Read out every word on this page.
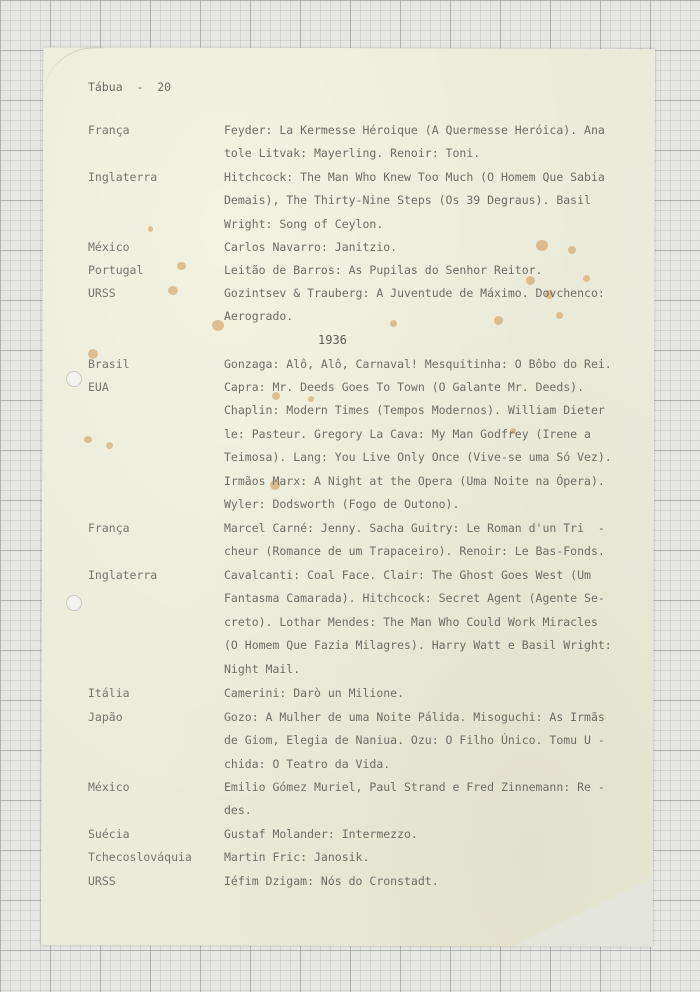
Tábua  -  20
França	Feyder: La Kermesse Héroique (A Quermesse Heróica). Ana
tole Litvak: Mayerling. Renoir: Toni.
Inglaterra	Hitchcock: The Man Who Knew Too Much (O Homem Que Sabia
Demais), The Thirty-Nine Steps (Os 39 Degraus). Basil
Wright: Song of Ceylon.
México	Carlos Navarro: Janitzio.
Portugal	Leitão de Barros: As Pupilas do Senhor Reitor.
URSS	Gozintsev & Trauberg: A Juventude de Máximo. Dovchenco:
Aerogrado.
Brasil	Gonzaga: Alô, Alô, Carnaval! Mesquitinha: O Bôbo do Rei.
EUA	Capra: Mr. Deeds Goes To Town (O Galante Mr. Deeds).
Chaplin: Modern Times (Tempos Modernos). William Dieter
le: Pasteur. Gregory La Cava: My Man Godfrey (Irene a
Teimosa). Lang: You Live Only Once (Vive-se uma Só Vez).
Irmãos Marx: A Night at the Opera (Uma Noite na Ópera).
Wyler: Dodsworth (Fogo de Outono).
França	Marcel Carné: Jenny. Sacha Guitry: Le Roman d'un Tri  -
cheur (Romance de um Trapaceiro). Renoir: Le Bas-Fonds.
Inglaterra	Cavalcanti: Coal Face. Clair: The Ghost Goes West (Um
Fantasma Camarada). Hitchcock: Secret Agent (Agente Se-
creto). Lothar Mendes: The Man Who Could Work Miracles
(O Homem Que Fazia Milagres). Harry Watt e Basil Wright:
Night Mail.
Itália	Camerini: Darò un Milione.
Japão	Gozo: A Mulher de uma Noite Pálida. Misoguchi: As Irmãs
de Giom, Elegia de Naniua. Ozu: O Filho Único. Tomu U -
chida: O Teatro da Vida.
México	Emilio Gómez Muriel, Paul Strand e Fred Zinnemann: Re -
des.
Suécia	Gustaf Molander: Intermezzo.
Tchecoslováquia	Martin Fric: Janosik.
URSS	Iéfim Dzigam: Nós do Cronstadt.
1936
